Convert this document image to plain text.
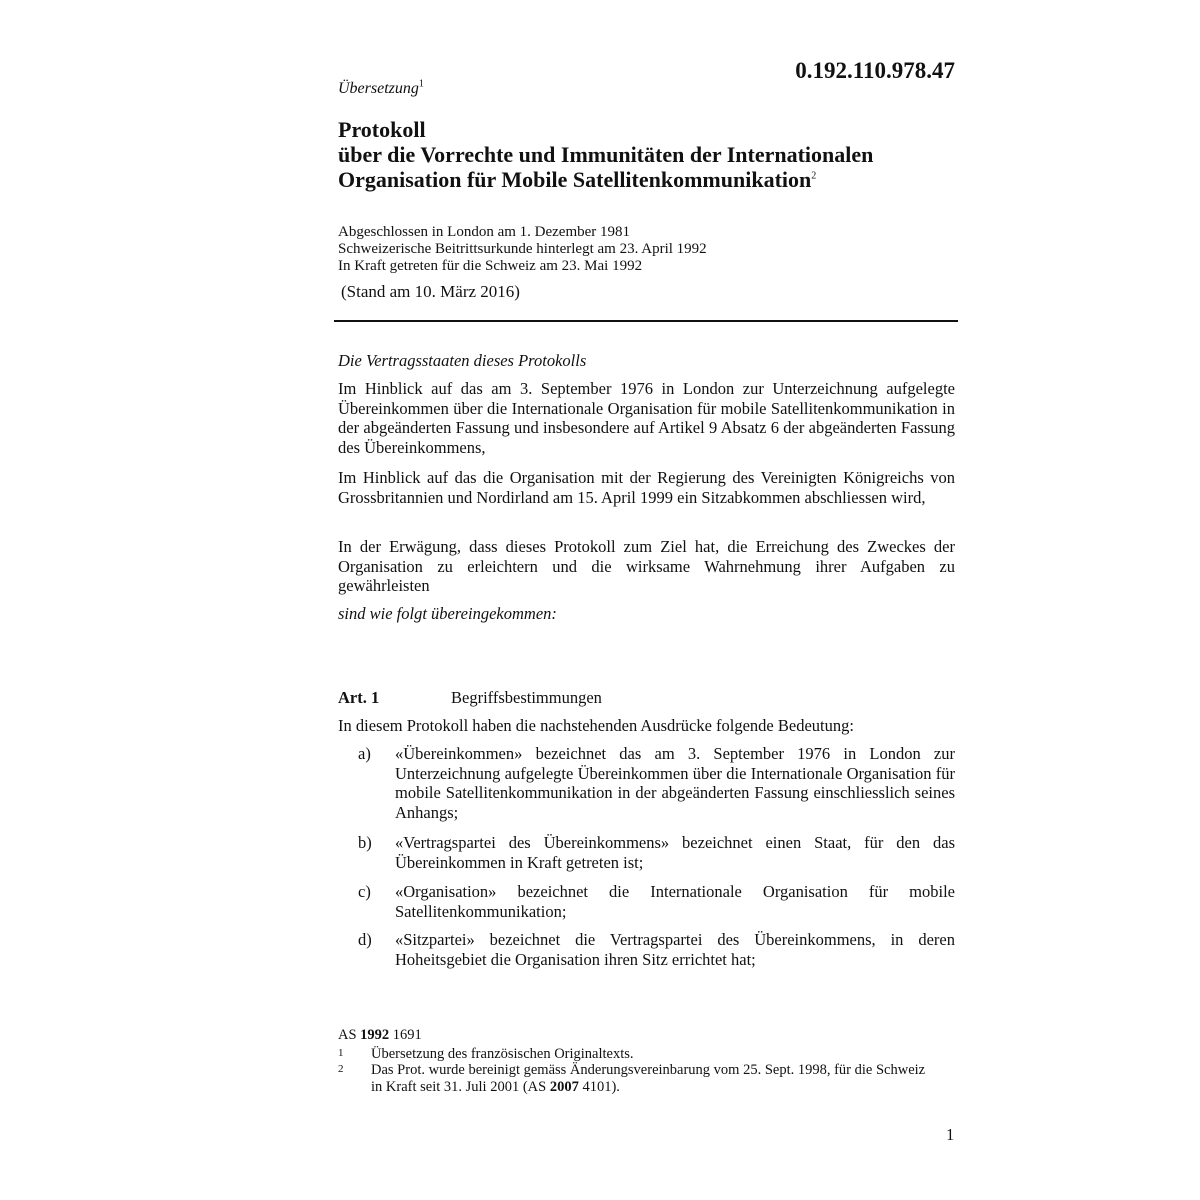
0.192.110.978.47
Übersetzung$^1$
Protokoll
über die Vorrechte und Immunitäten der Internationalen
Organisation für Mobile Satellitenkommunikation$^2$
Abgeschlossen in London am 1. Dezember 1981
Schweizerische Beitrittsurkunde hinterlegt am 23. April 1992
In Kraft getreten für die Schweiz am 23. Mai 1992
(Stand am 10. März 2016)
Die Vertragsstaaten dieses Protokolls
Im Hinblick auf das am 3. September 1976 in London zur Unterzeichnung aufgelegte Übereinkommen über die Internationale Organisation für mobile Satellitenkommunikation in der abgeänderten Fassung und insbesondere auf Artikel 9 Absatz 6 der abgeänderten Fassung des Übereinkommens,
Im Hinblick auf das die Organisation mit der Regierung des Vereinigten Königreichs von Grossbritannien und Nordirland am 15. April 1999 ein Sitzabkommen abschliessen wird,
In der Erwägung, dass dieses Protokoll zum Ziel hat, die Erreichung des Zweckes der Organisation zu erleichtern und die wirksame Wahrnehmung ihrer Aufgaben zu gewährleisten
sind wie folgt übereingekommen:
Art. 1	Begriffsbestimmungen
In diesem Protokoll haben die nachstehenden Ausdrücke folgende Bedeutung:
a) «Übereinkommen» bezeichnet das am 3. September 1976 in London zur Unterzeichnung aufgelegte Übereinkommen über die Internationale Organisation für mobile Satellitenkommunikation in der abgeänderten Fassung einschliesslich seines Anhangs;
b) «Vertragspartei des Übereinkommens» bezeichnet einen Staat, für den das Übereinkommen in Kraft getreten ist;
c) «Organisation» bezeichnet die Internationale Organisation für mobile Satellitenkommunikation;
d) «Sitzpartei» bezeichnet die Vertragspartei des Übereinkommens, in deren Hoheitsgebiet die Organisation ihren Sitz errichtet hat;
AS 1992 1691
1 Übersetzung des französischen Originaltexts.
2 Das Prot. wurde bereinigt gemäss Änderungsvereinbarung vom 25. Sept. 1998, für die Schweiz in Kraft seit 31. Juli 2001 (AS 2007 4101).
1
